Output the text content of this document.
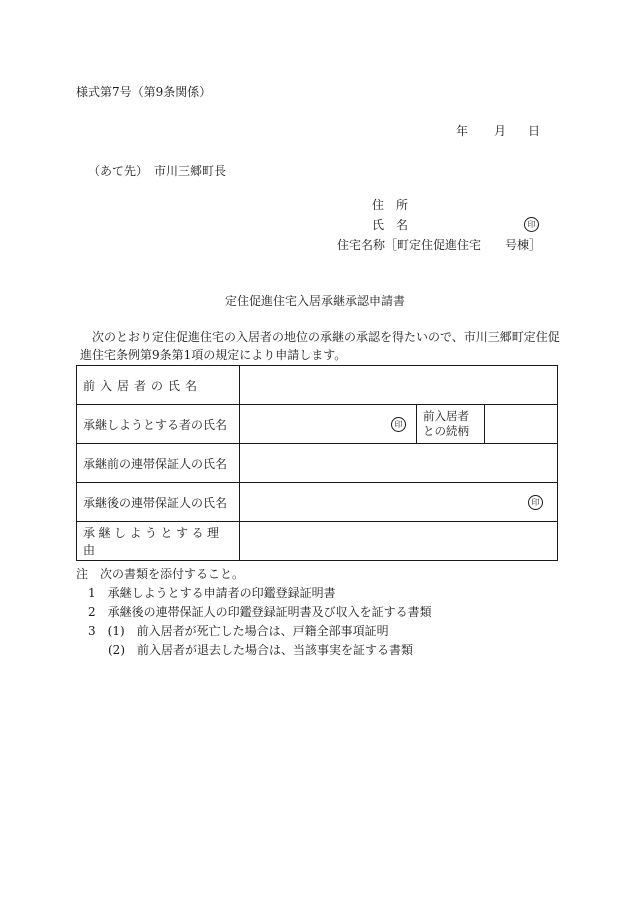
様式第7号（第9条関係）
年 月 日
（あて先）　市川三郷町長
住　所
氏　名	印
住宅名称［町定住促進住宅　　号棟］
定住促進住宅入居承継承認申請書
次のとおり定住促進住宅の入居者の地位の承継の承認を得たいので、市川三郷町定住促進住宅条例第9条第1項の規定により申請します。
前入居者の氏名			
承継しようとする者の氏名	印	前入居者
との続柄	

承継前の連帯保証人の氏名			
承継後の連帯保証人の氏名	印		
承継しようとする理由			
注　次の書類を添付すること。
1　承継しようとする申請者の印鑑登録証明書
2　承継後の連帯保証人の印鑑登録証明書及び収入を証する書類
3　(1)　前入居者が死亡した場合は、戸籍全部事項証明
(2)　前入居者が退去した場合は、当該事実を証する書類
